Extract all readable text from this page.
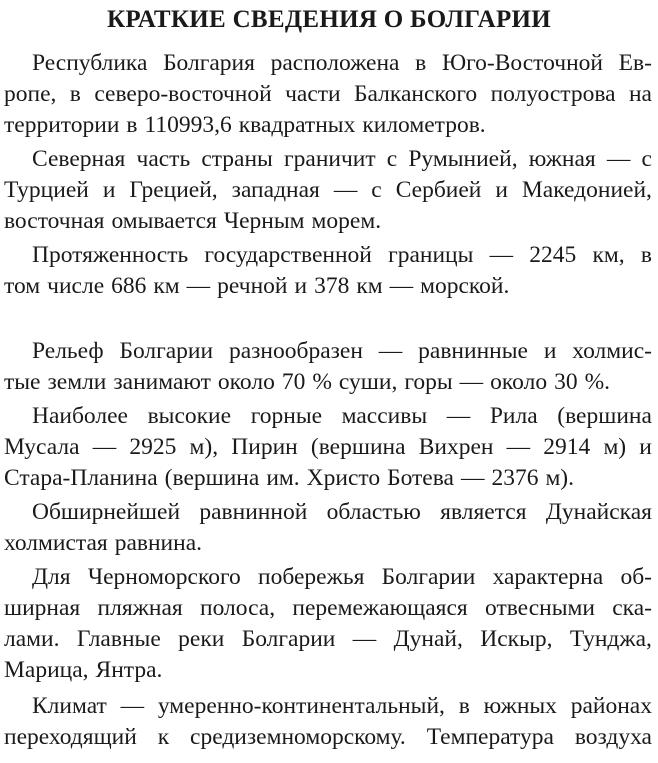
КРАТКИЕ СВЕДЕНИЯ О БОЛГАРИИ
Республика Болгария расположена в Юго-Восточной Ев-
ропе, в северо-восточной части Балканского полуострова на
территории в 110993,6 квадратных километров.
Северная часть страны граничит с Румынией, южная — с
Турцией и Грецией, западная — с Сербией и Македонией,
восточная омывается Черным морем.
Протяженность государственной границы — 2245 км, в
том числе 686 км — речной и 378 км — морской.
Рельеф Болгарии разнообразен — равнинные и холмис-
тые земли занимают около 70 % суши, горы — около 30 %.
Наиболее высокие горные массивы — Рила (вершина
Мусала — 2925 м), Пирин (вершина Вихрен — 2914 м) и
Стара-Планина (вершина им. Христо Ботева — 2376 м).
Обширнейшей равнинной областью является Дунайская
холмистая равнина.
Для Черноморского побережья Болгарии характерна об-
ширная пляжная полоса, перемежающаяся отвесными ска-
лами. Главные реки Болгарии — Дунай, Искыр, Тунджа,
Марица, Янтра.
Климат — умеренно-континентальный, в южных районах
переходящий к средиземноморскому. Температура воздуха
